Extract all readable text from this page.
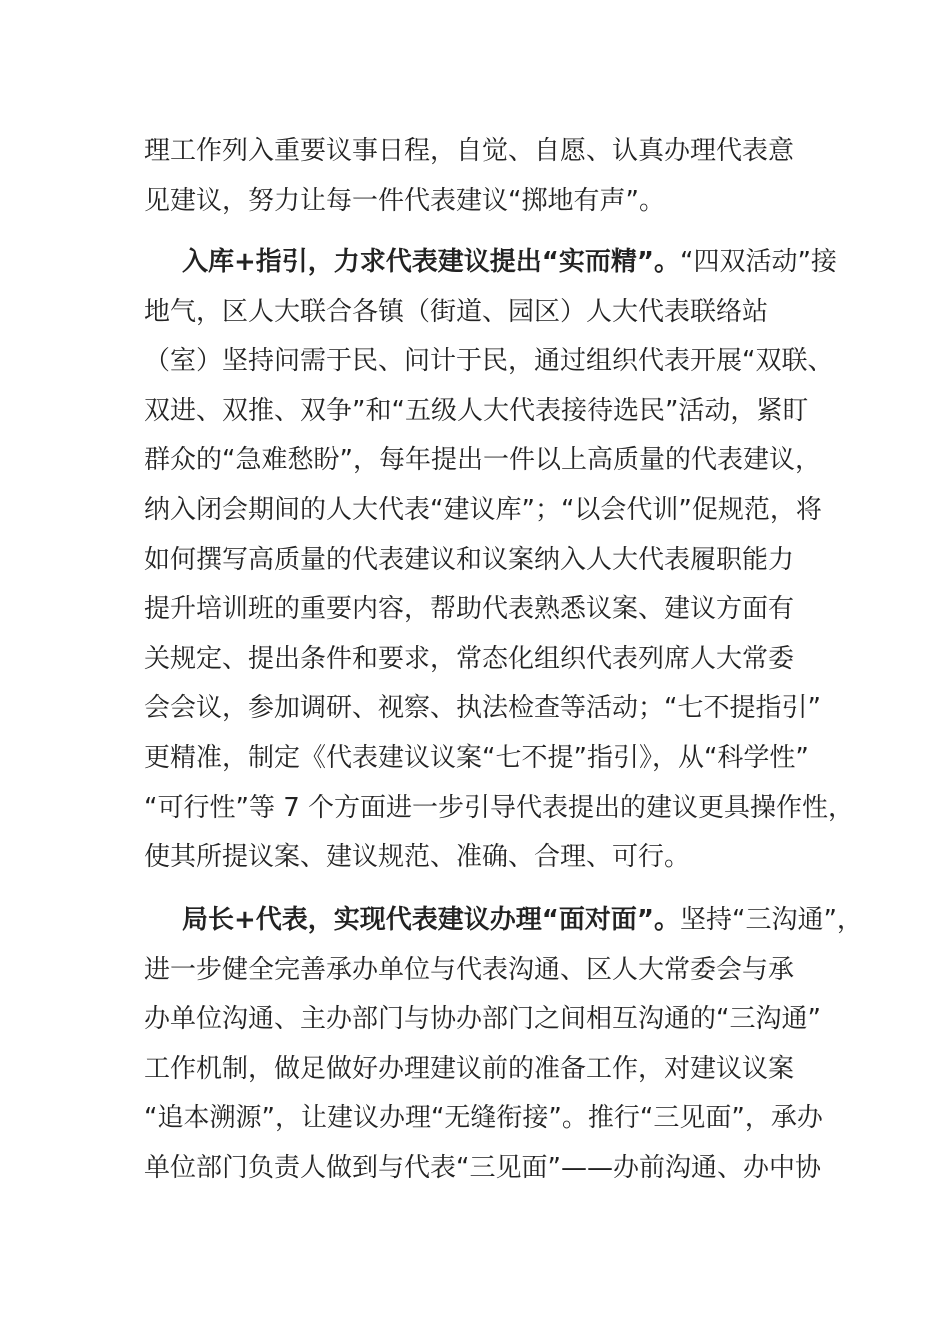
理工作列入重要议事日程，自觉、自愿、认真办理代表意
见建议，努力让每一件代表建议“掷地有声”。
入库+指引，力求代表建议提出“实而精”。“四双活动”接
地气，区人大联合各镇（街道、园区）人大代表联络站
（室）坚持问需于民、问计于民，通过组织代表开展“双联、
双进、双推、双争”和“五级人大代表接待选民”活动，紧盯
群众的“急难愁盼”，每年提出一件以上高质量的代表建议，
纳入闭会期间的人大代表“建议库”；“以会代训”促规范，将
如何撰写高质量的代表建议和议案纳入人大代表履职能力
提升培训班的重要内容，帮助代表熟悉议案、建议方面有
关规定、提出条件和要求，常态化组织代表列席人大常委
会会议，参加调研、视察、执法检查等活动；“七不提指引”
更精准，制定《代表建议议案“七不提”指引》，从“科学性”
“可行性”等 7 个方面进一步引导代表提出的建议更具操作性，
使其所提议案、建议规范、准确、合理、可行。
局长+代表，实现代表建议办理“面对面”。坚持“三沟通”，
进一步健全完善承办单位与代表沟通、区人大常委会与承
办单位沟通、主办部门与协办部门之间相互沟通的“三沟通”
工作机制，做足做好办理建议前的准备工作，对建议议案
“追本溯源”，让建议办理“无缝衔接”。推行“三见面”，承办
单位部门负责人做到与代表“三见面”——办前沟通、办中协
